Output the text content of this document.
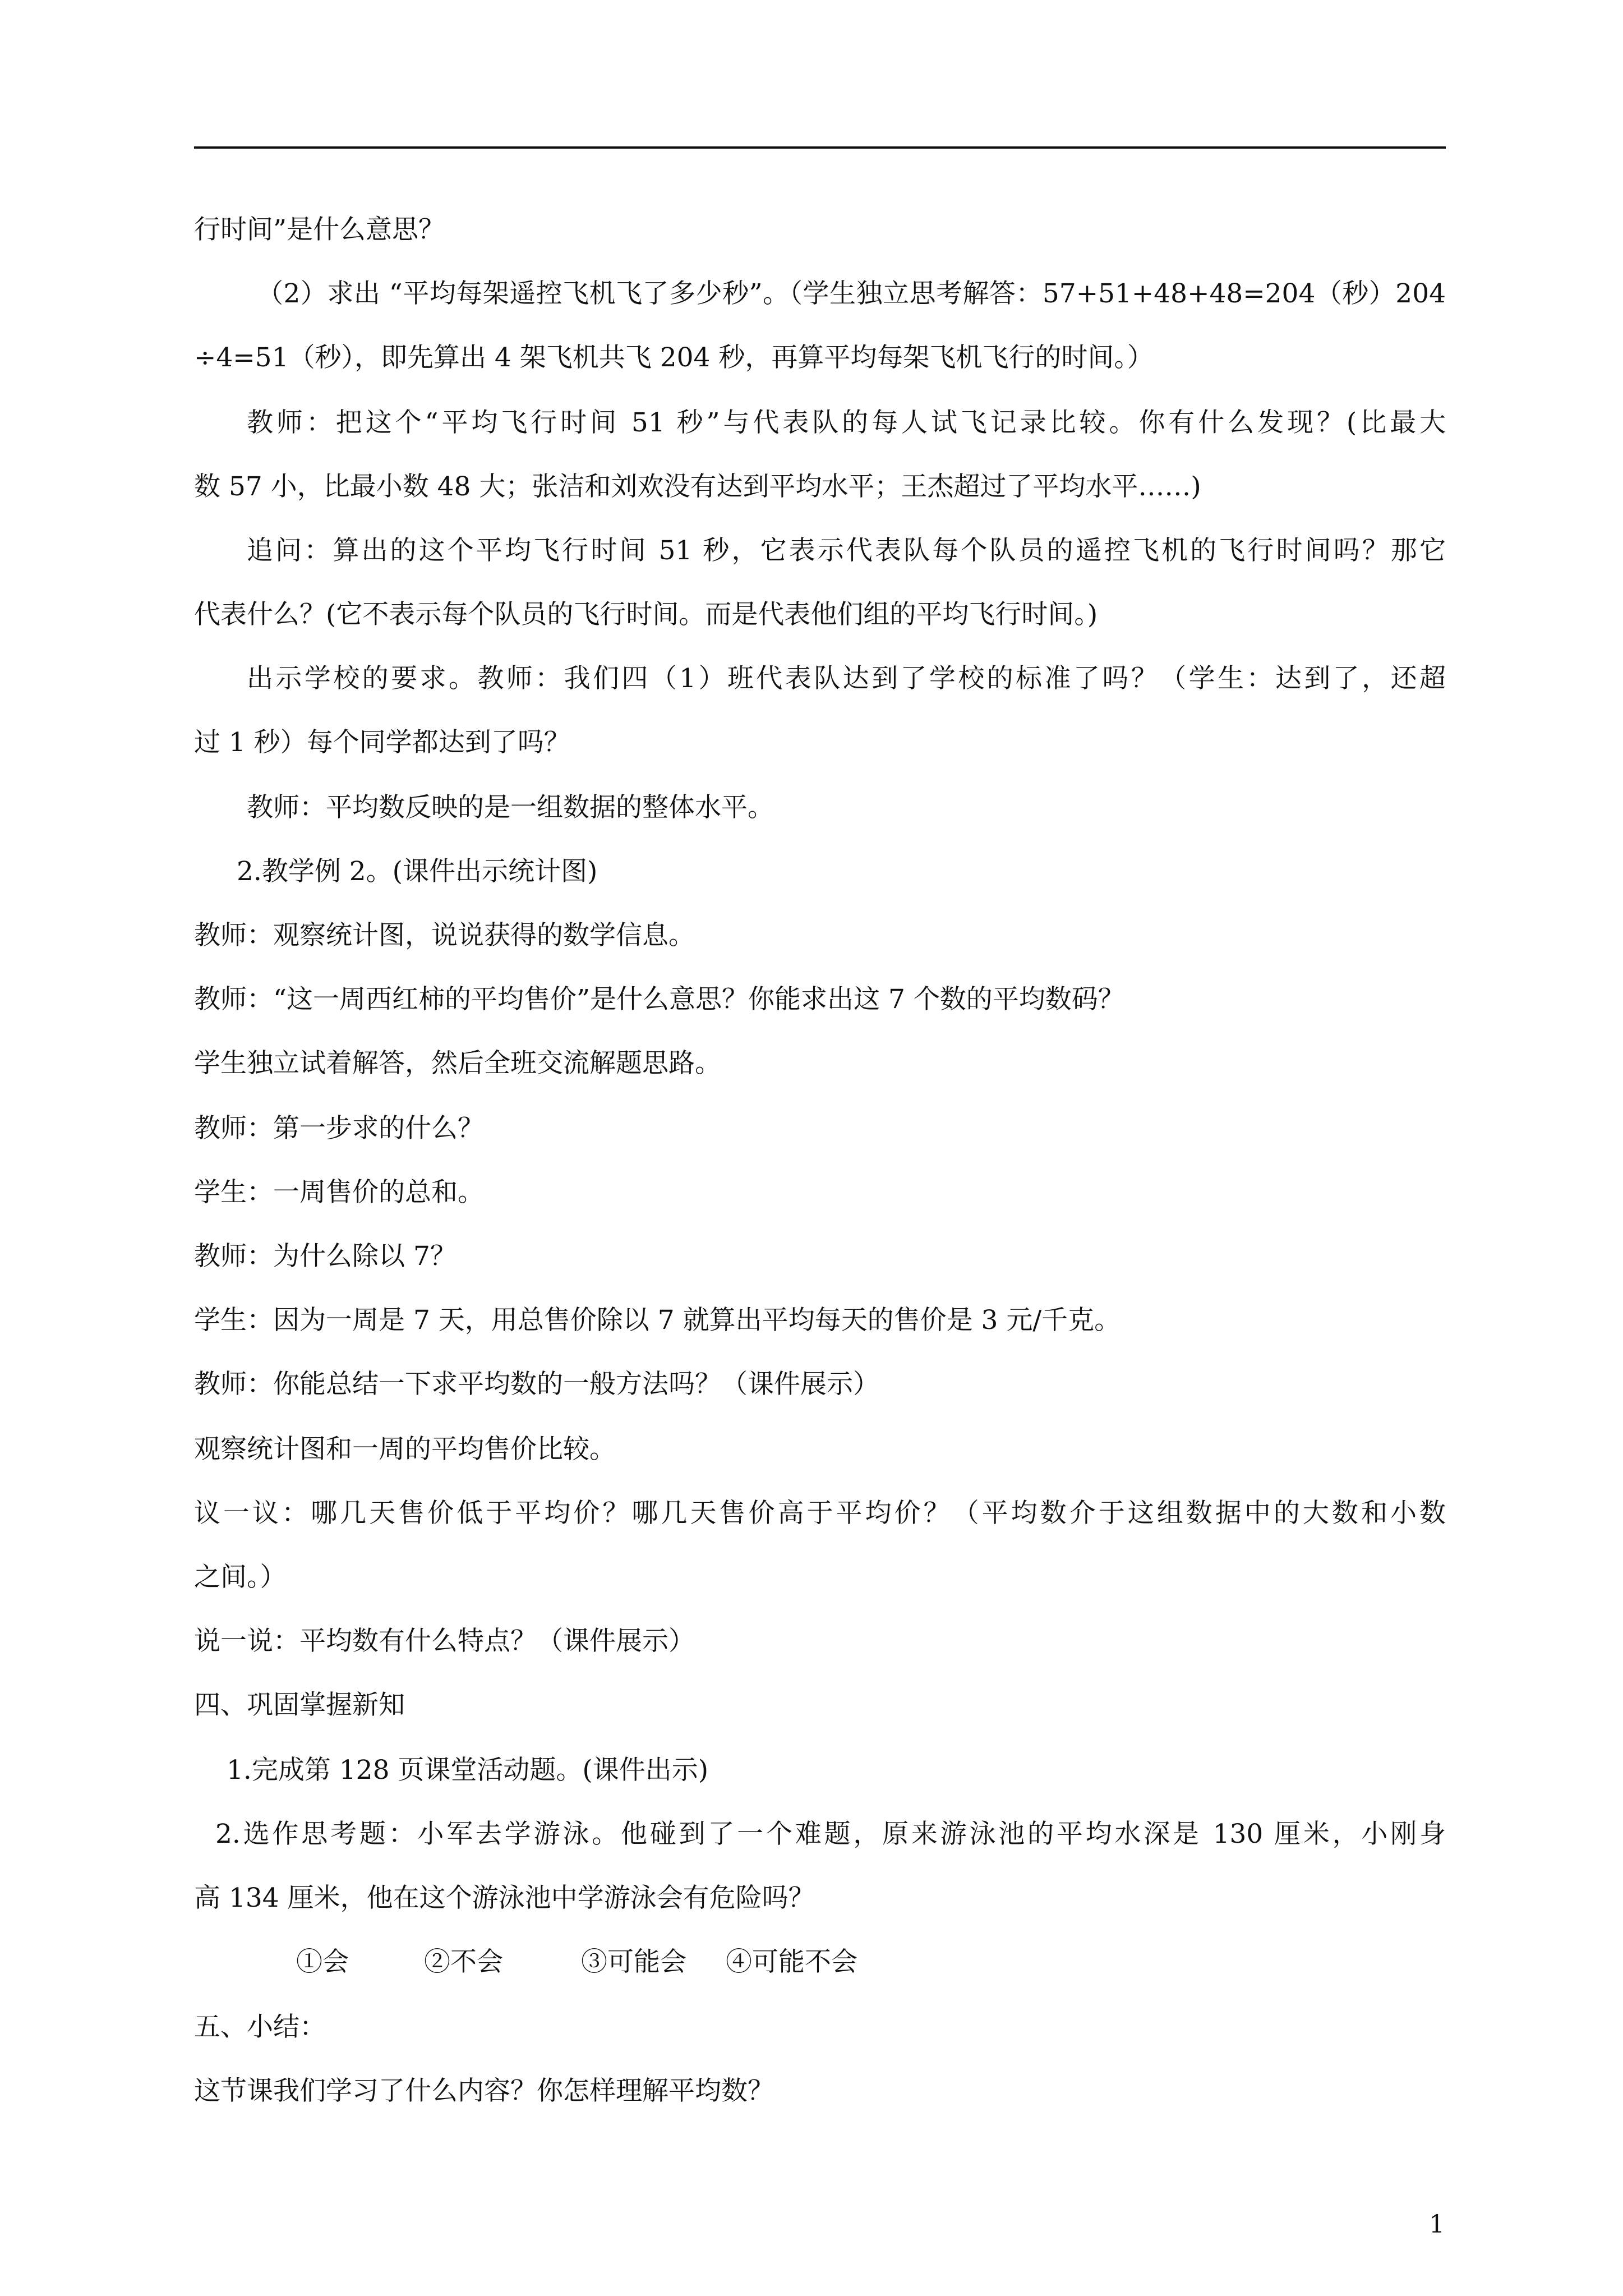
行时间”是什么意思？
（2）求出 “平均每架遥控飞机飞了多少秒”。（学生独立思考解答：57+51+48+48=204（秒）204
÷4=51（秒），即先算出 4 架飞机共飞 204 秒，再算平均每架飞机飞行的时间。）
教师：把这个“平均飞行时间 51 秒”与代表队的每人试飞记录比较。你有什么发现？(比最大
数 57 小，比最小数 48 大；张洁和刘欢没有达到平均水平；王杰超过了平均水平……)
追问：算出的这个平均飞行时间 51 秒，它表示代表队每个队员的遥控飞机的飞行时间吗？那它
代表什么？(它不表示每个队员的飞行时间。而是代表他们组的平均飞行时间。)
出示学校的要求。教师：我们四（1）班代表队达到了学校的标准了吗？（学生：达到了，还超
过 1 秒）每个同学都达到了吗？
教师：平均数反映的是一组数据的整体水平。
2.教学例 2。(课件出示统计图)
教师：观察统计图，说说获得的数学信息。
教师：“这一周西红柿的平均售价”是什么意思？你能求出这 7 个数的平均数码？
学生独立试着解答，然后全班交流解题思路。
教师：第一步求的什么？
学生：一周售价的总和。
教师：为什么除以 7？
学生：因为一周是 7 天，用总售价除以 7 就算出平均每天的售价是 3 元/千克。
教师：你能总结一下求平均数的一般方法吗？（课件展示）
观察统计图和一周的平均售价比较。
议一议：哪几天售价低于平均价？哪几天售价高于平均价？（平均数介于这组数据中的大数和小数
之间。）
说一说：平均数有什么特点？（课件展示）
四、巩固掌握新知
1.完成第 128 页课堂活动题。(课件出示)
2.选作思考题：小军去学游泳。他碰到了一个难题，原来游泳池的平均水深是 130 厘米，小刚身
高 134 厘米，他在这个游泳池中学游泳会有危险吗？
①会	②不会	③可能会 ④可能不会
五、小结：
这节课我们学习了什么内容？你怎样理解平均数？
1
